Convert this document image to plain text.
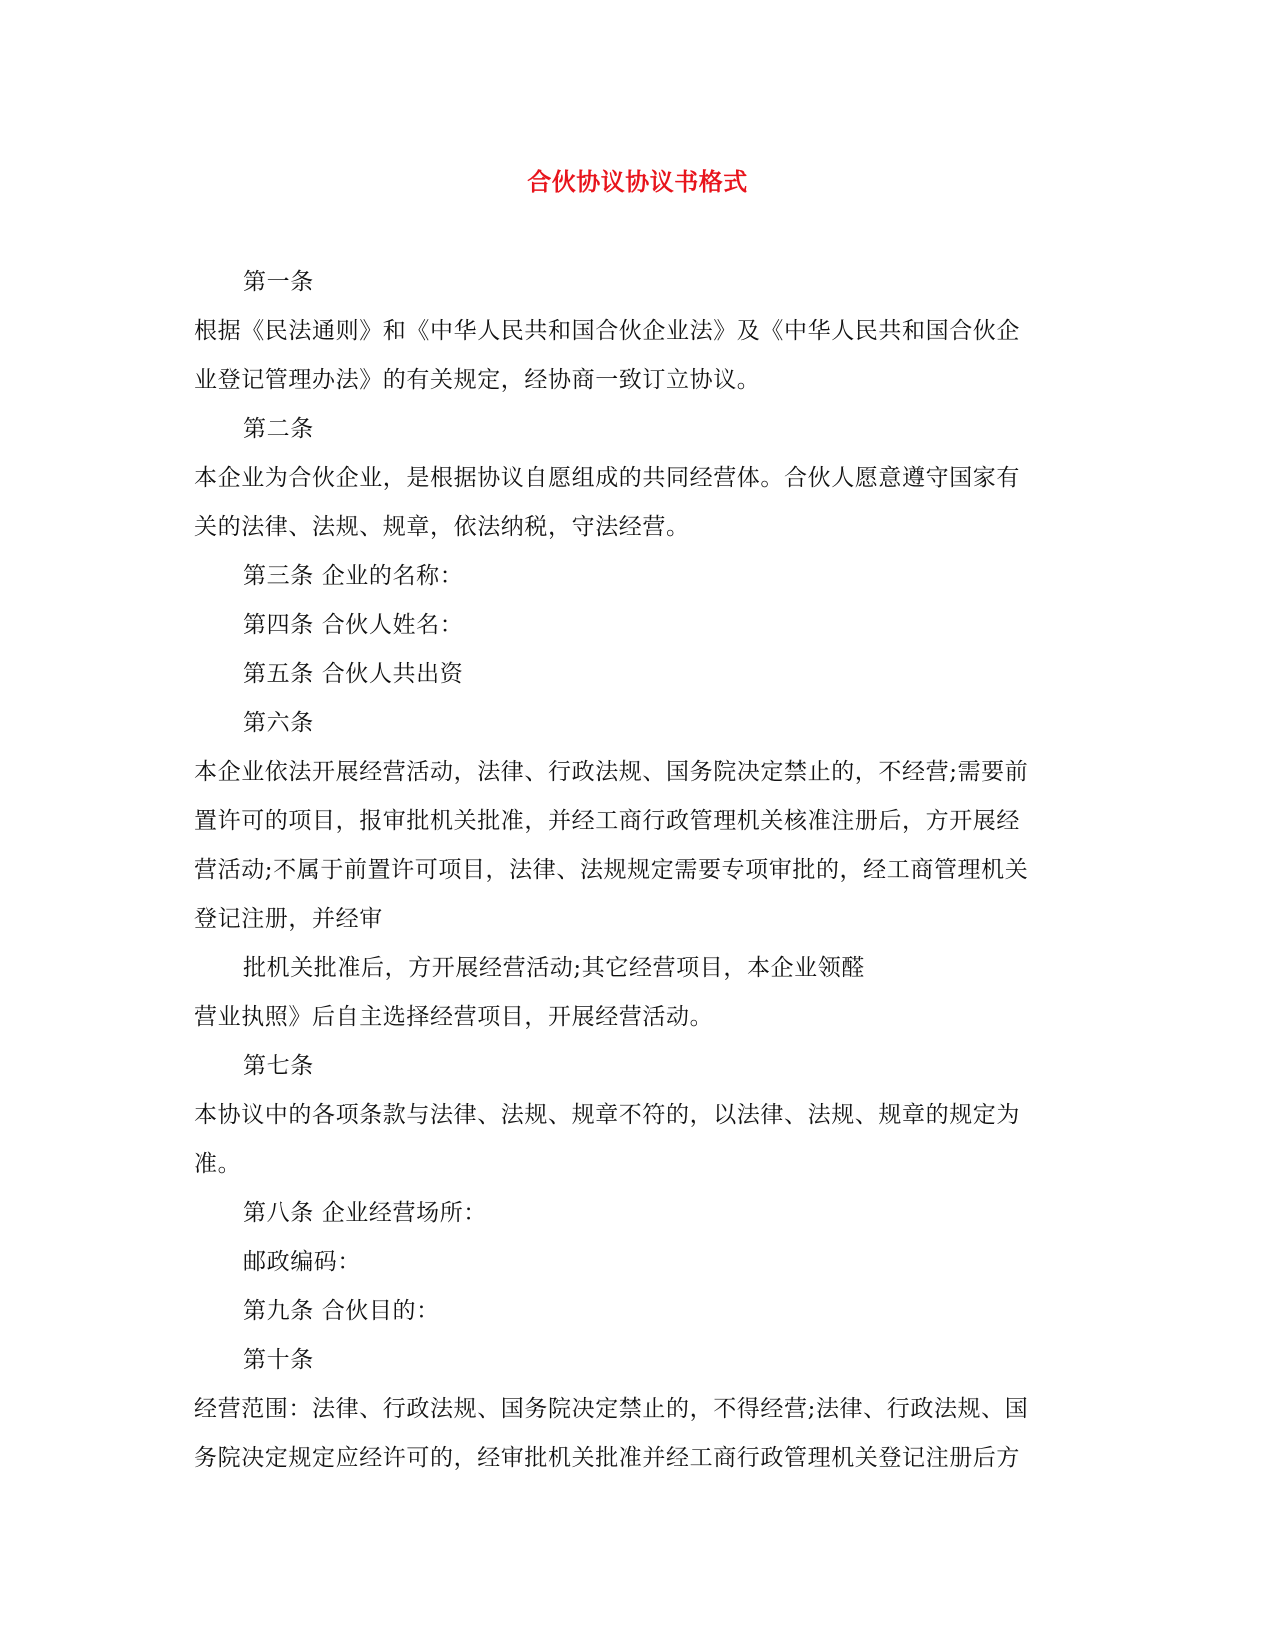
合伙协议协议书格式

第一条

根据《民法通则》和《中华人民共和国合伙企业法》及《中华人民共和国合伙企

业登记管理办法》的有关规定，经协商一致订立协议。

第二条

本企业为合伙企业，是根据协议自愿组成的共同经营体。合伙人愿意遵守国家有

关的法律、法规、规章，依法纳税，守法经营。

第三条 企业的名称：

第四条 合伙人姓名：

第五条 合伙人共出资

第六条

本企业依法开展经营活动，法律、行政法规、国务院决定禁止的，不经营;需要前

置许可的项目，报审批机关批准，并经工商行政管理机关核准注册后，方开展经

营活动;不属于前置许可项目，法律、法规规定需要专项审批的，经工商管理机关

登记注册，并经审

批机关批准后，方开展经营活动;其它经营项目，本企业领醛

营业执照》后自主选择经营项目，开展经营活动。

第七条

本协议中的各项条款与法律、法规、规章不符的，以法律、法规、规章的规定为

准。

第八条 企业经营场所：

邮政编码：

第九条 合伙目的：

第十条

经营范围：法律、行政法规、国务院决定禁止的，不得经营;法律、行政法规、国

务院决定规定应经许可的，经审批机关批准并经工商行政管理机关登记注册后方
